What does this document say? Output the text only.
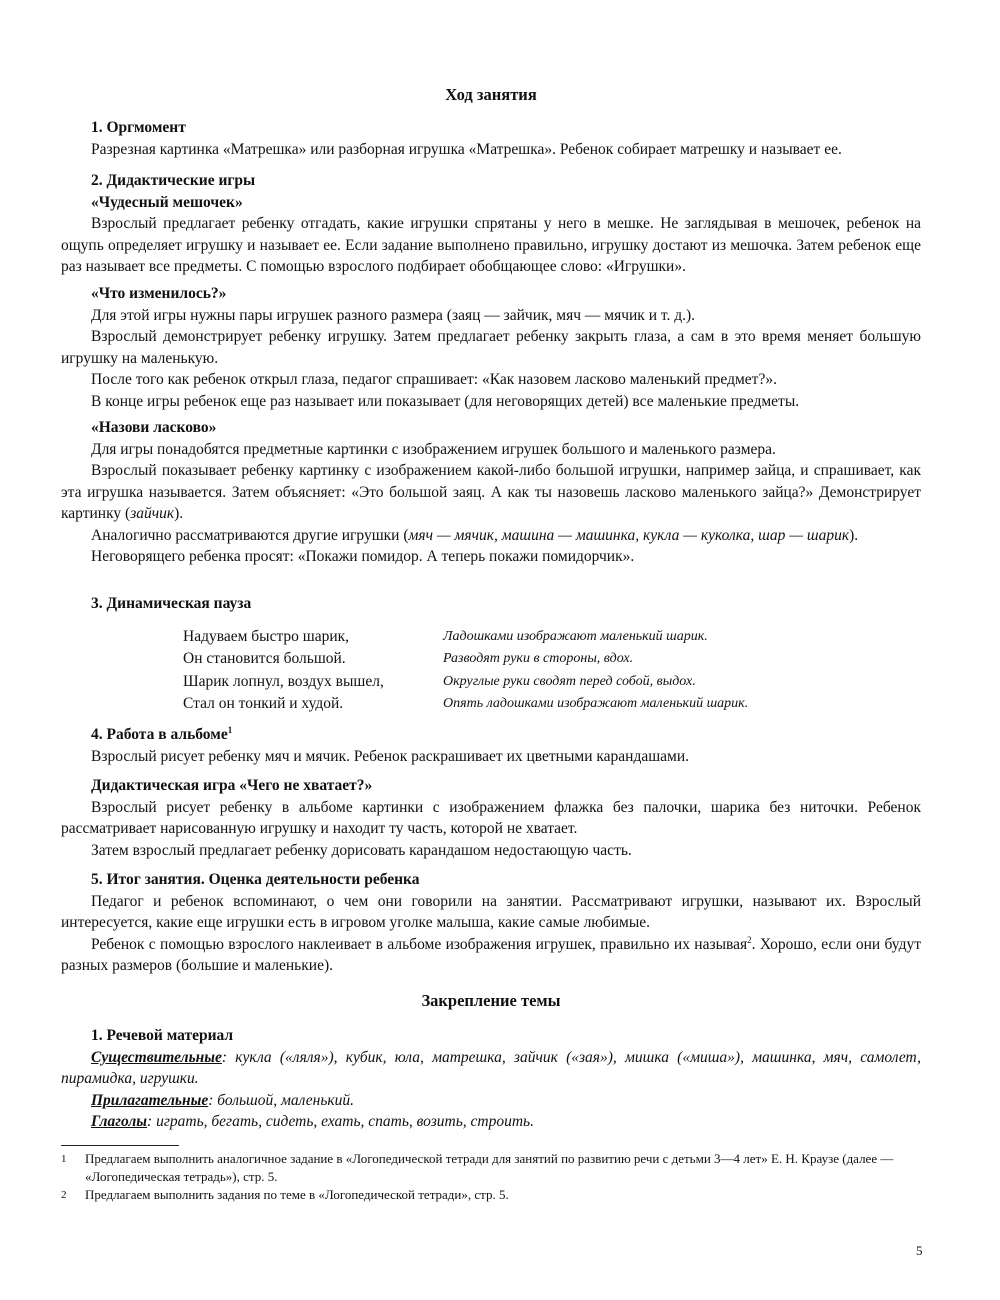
Ход занятия
1. Оргмомент

Разрезная картинка «Матрешка» или разборная игрушка «Матрешка». Ребенок собирает матрешку и называет ее.

2. Дидактические игры
«Чудесный мешочек»

Взрослый предлагает ребенку отгадать, какие игрушки спрятаны у него в мешке. Не заглядывая в мешочек, ребенок на ощупь определяет игрушку и называет ее. Если задание выполнено правильно, игрушку достают из мешочка. Затем ребенок еще раз называет все предметы. С помощью взрослого подбирает обобщающее слово: «Игрушки».

«Что изменилось?»

Для этой игры нужны пары игрушек разного размера (заяц — зайчик, мяч — мячик и т. д.).

Взрослый демонстрирует ребенку игрушку. Затем предлагает ребенку закрыть глаза, а сам в это время меняет большую игрушку на маленькую.

После того как ребенок открыл глаза, педагог спрашивает: «Как назовем ласково маленький предмет?».

В конце игры ребенок еще раз называет или показывает (для неговорящих детей) все маленькие предметы.

«Назови ласково»

Для игры понадобятся предметные картинки с изображением игрушек большого и маленького размера.

Взрослый показывает ребенку картинку с изображением какой-либо большой игрушки, например зайца, и спрашивает, как эта игрушка называется. Затем объясняет: «Это большой заяц. А как ты назовешь ласково маленького зайца?» Демонстрирует картинку (зайчик).

Аналогично рассматриваются другие игрушки (мяч — мячик, машина — машинка, кукла — куколка, шар — шарик).

Неговорящего ребенка просят: «Покажи помидор. А теперь покажи помидорчик».

3. Динамическая пауза
Надуваем быстро шарик,	Ладошками изображают маленький шарик.
Он становится большой.	Разводят руки в стороны, вдох.
Шарик лопнул, воздух вышел,	Округлые руки сводят перед собой, выдох.
Стал он тонкий и худой.	Опять ладошками изображают маленький шарик.
4. Работа в альбоме$^1$

Взрослый рисует ребенку мяч и мячик. Ребенок раскрашивает их цветными карандашами.

Дидактическая игра «Чего не хватает?»

Взрослый рисует ребенку в альбоме картинки с изображением флажка без палочки, шарика без ниточки. Ребенок рассматривает нарисованную игрушку и находит ту часть, которой не хватает.

Затем взрослый предлагает ребенку дорисовать карандашом недостающую часть.

5. Итог занятия. Оценка деятельности ребенка

Педагог и ребенок вспоминают, о чем они говорили на занятии. Рассматривают игрушки, называют их. Взрослый интересуется, какие еще игрушки есть в игровом уголке малыша, какие самые любимые.

Ребенок с помощью взрослого наклеивает в альбоме изображения игрушек, правильно их называя$^2$. Хорошо, если они будут разных размеров (большие и маленькие).

Закрепление темы
1. Речевой материал

Существительные: кукла («ляля»), кубик, юла, матрешка, зайчик («зая»), мишка («миша»), машинка, мяч, самолет, пирамидка, игрушки.

Прилагательные: большой, маленький.

Глаголы: играть, бегать, сидеть, ехать, спать, возить, строить.

1	Предлагаем выполнить аналогичное задание в «Логопедической тетради для занятий по развитию речи с детьми 3—4 лет» Е. Н. Краузе (далее — «Логопедическая тетрадь»), стр. 5.
2	Предлагаем выполнить задания по теме в «Логопедической тетради», стр. 5.
5
